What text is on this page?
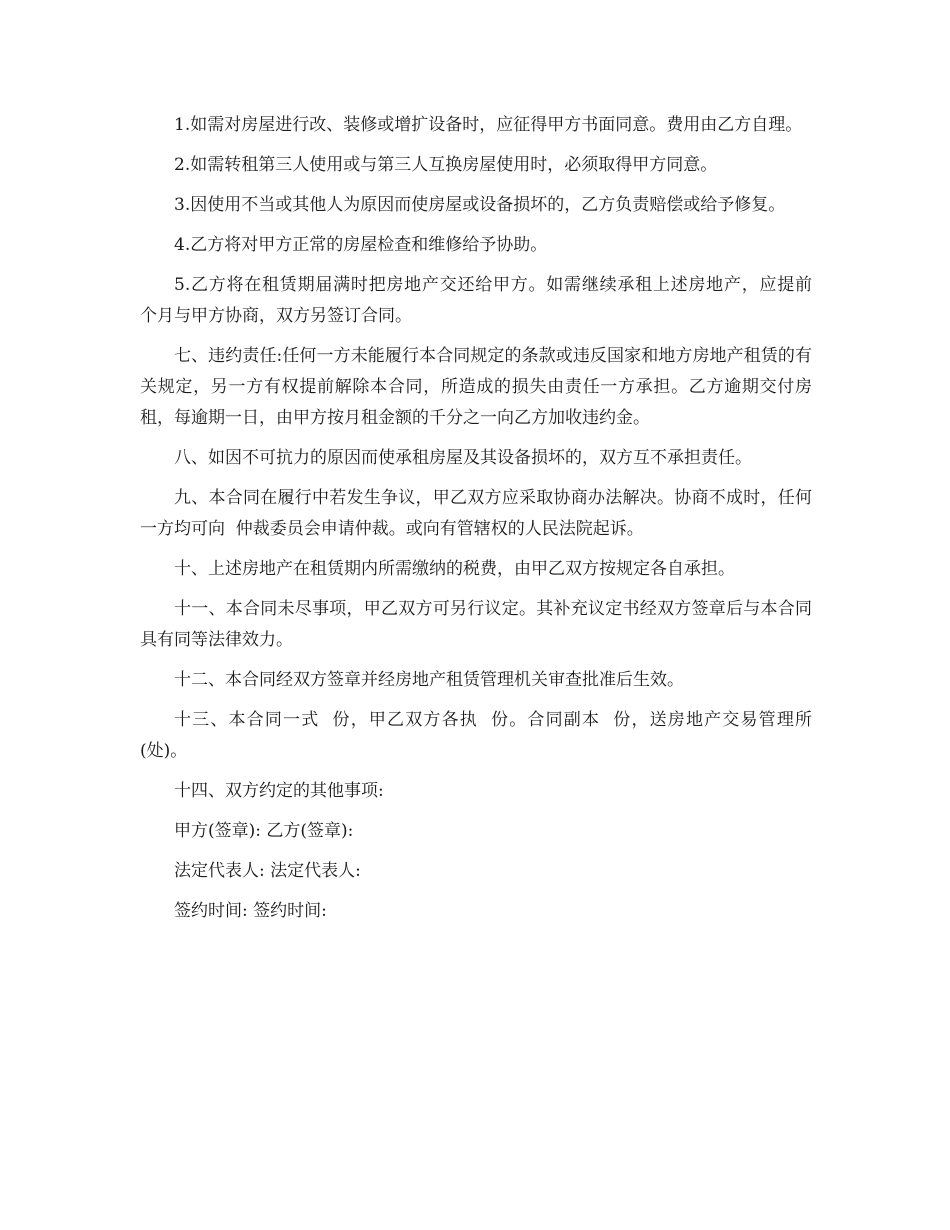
1.如需对房屋进行改、装修或增扩设备时，应征得甲方书面同意。费用由乙方自理。

2.如需转租第三人使用或与第三人互换房屋使用时，必须取得甲方同意。

3.因使用不当或其他人为原因而使房屋或设备损坏的，乙方负责赔偿或给予修复。

4.乙方将对甲方正常的房屋检查和维修给予协助。

5.乙方将在租赁期届满时把房地产交还给甲方。如需继续承租上述房地产，应提前  个月与甲方协商，双方另签订合同。

七、违约责任:任何一方未能履行本合同规定的条款或违反国家和地方房地产租赁的有关规定，另一方有权提前解除本合同，所造成的损失由责任一方承担。乙方逾期交付房租，每逾期一日，由甲方按月租金额的千分之一向乙方加收违约金。

八、如因不可抗力的原因而使承租房屋及其设备损坏的，双方互不承担责任。

九、本合同在履行中若发生争议，甲乙双方应采取协商办法解决。协商不成时，任何一方均可向  仲裁委员会申请仲裁。或向有管辖权的人民法院起诉。

十、上述房地产在租赁期内所需缴纳的税费，由甲乙双方按规定各自承担。

十一、本合同未尽事项，甲乙双方可另行议定。其补充议定书经双方签章后与本合同具有同等法律效力。

十二、本合同经双方签章并经房地产租赁管理机关审查批准后生效。

十三、本合同一式  份，甲乙双方各执  份。合同副本  份，送房地产交易管理所(处)。

十四、双方约定的其他事项:

甲方(签章): 乙方(签章):

法定代表人: 法定代表人:

签约时间: 签约时间:
